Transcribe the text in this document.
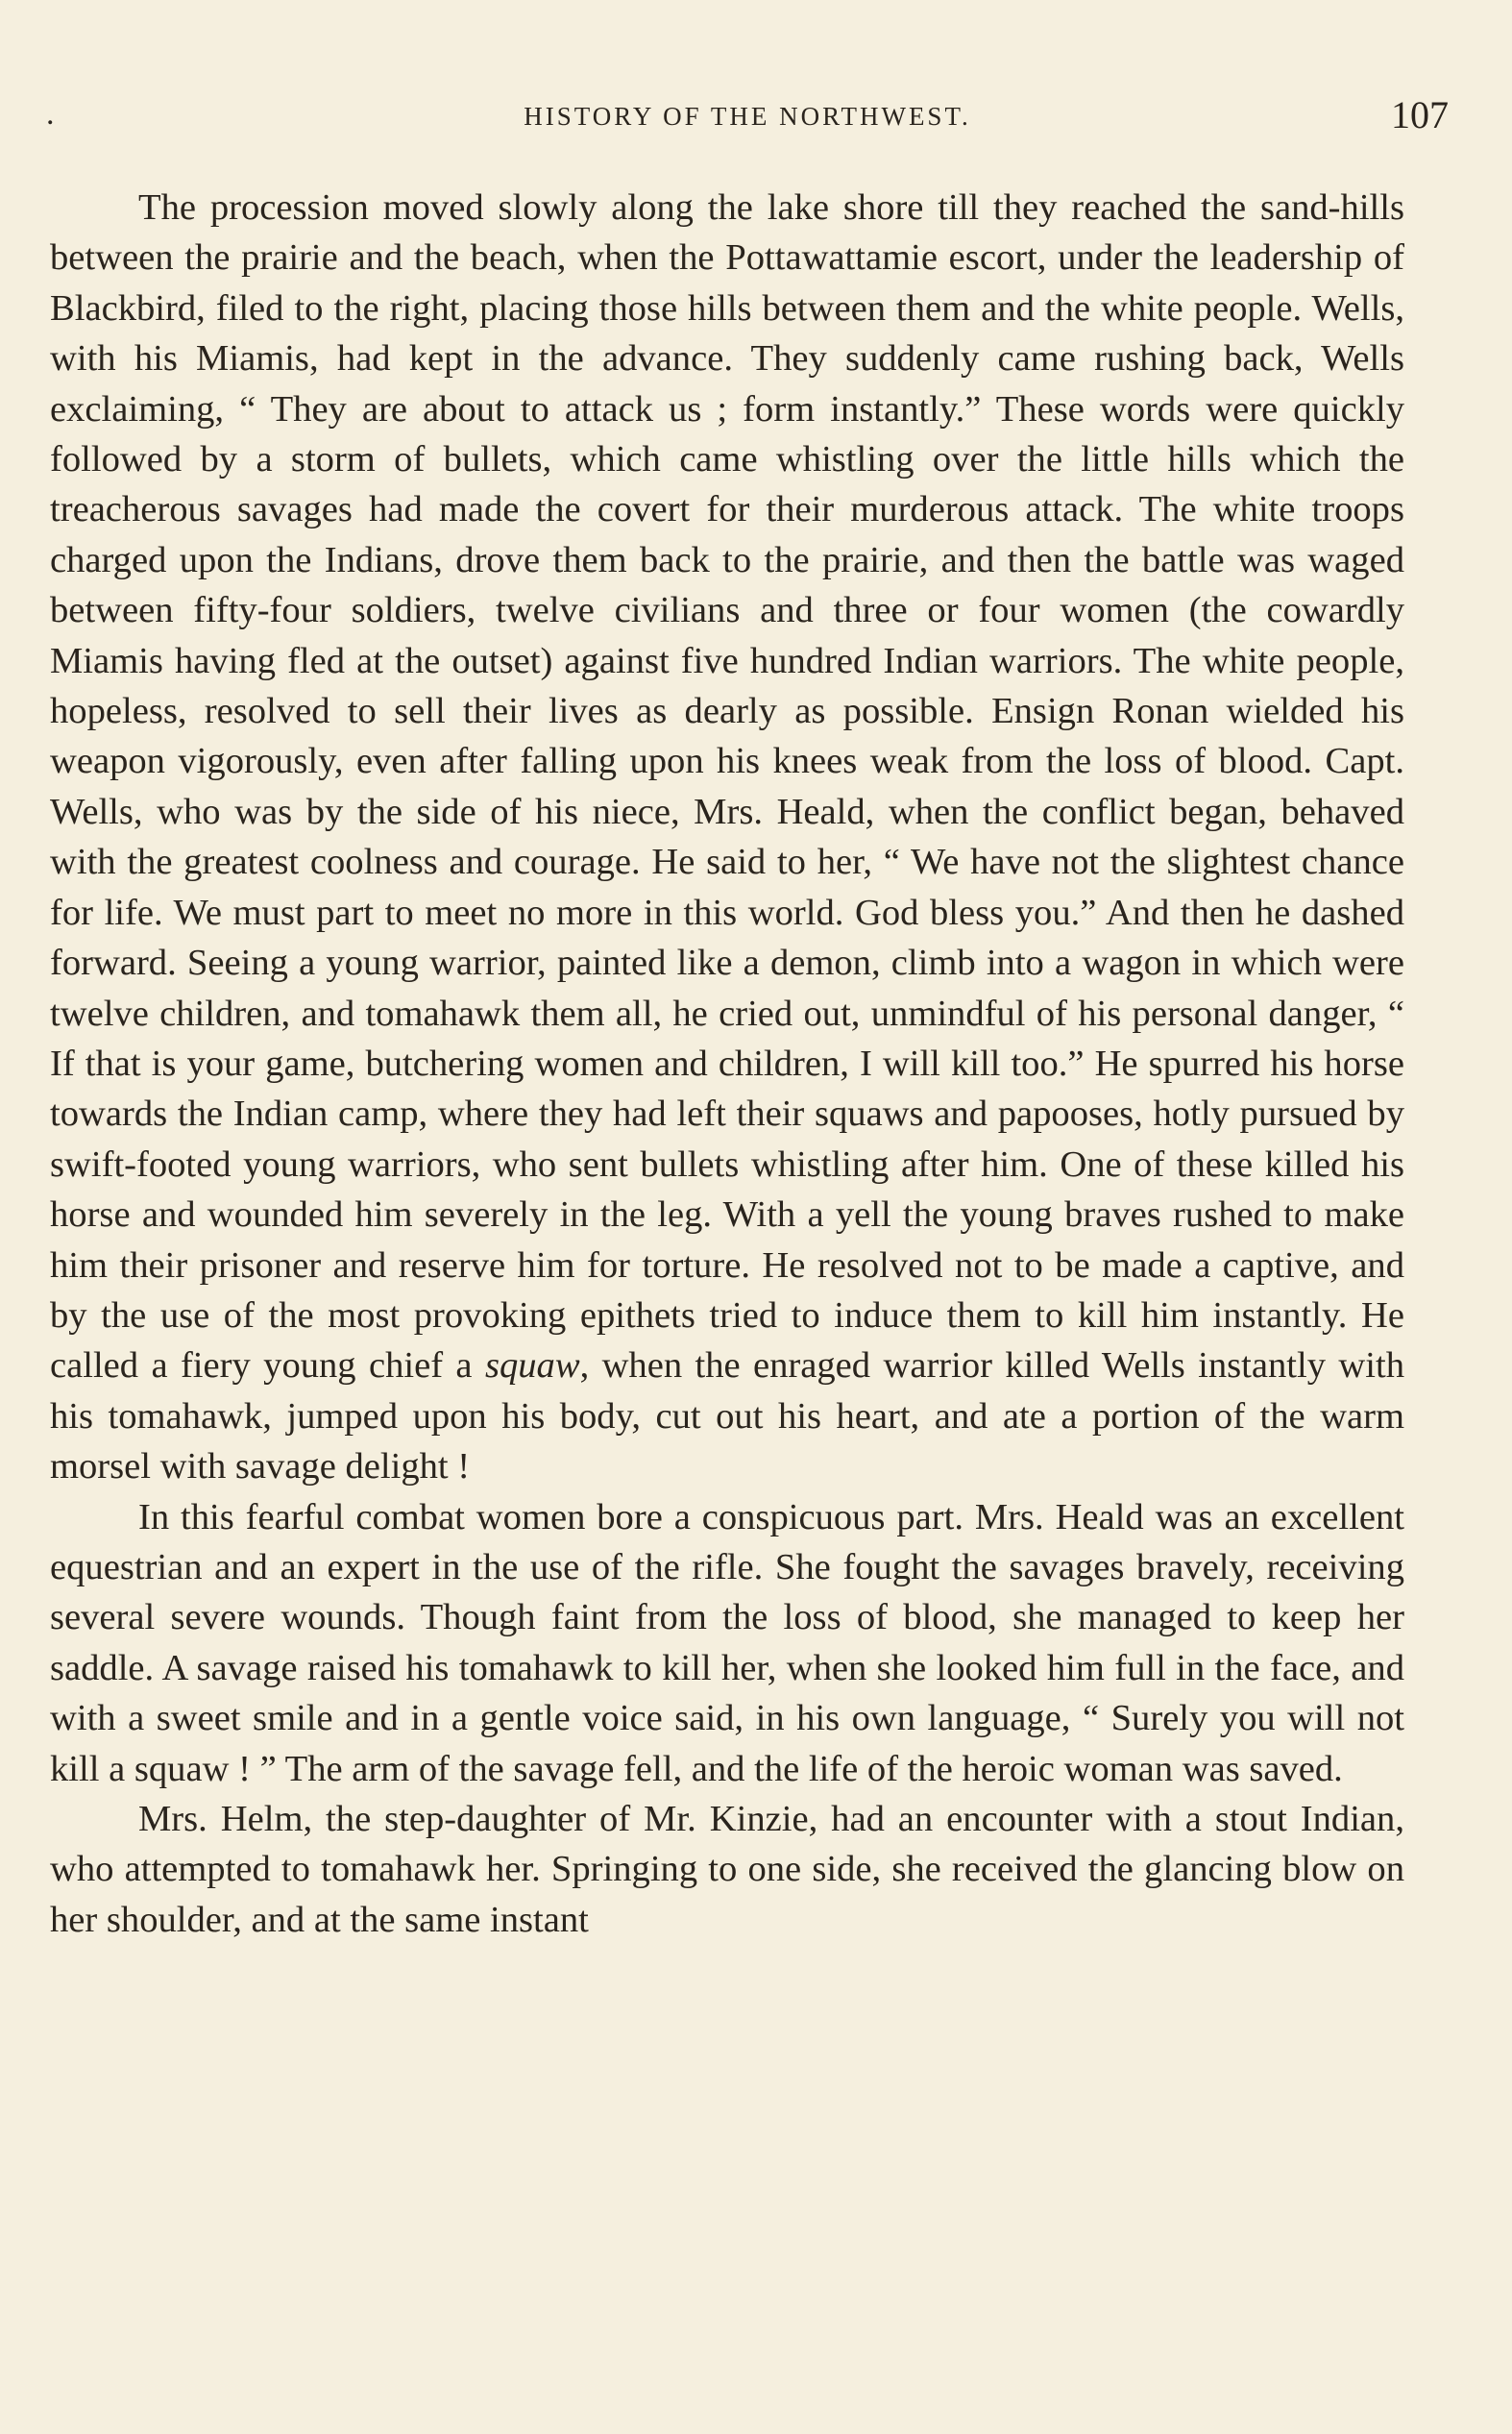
.	HISTORY OF THE NORTHWEST.	107

The procession moved slowly along the lake shore till they reached the sand-hills between the prairie and the beach, when the Pottawattamie escort, under the leadership of Blackbird, filed to the right, placing those hills between them and the white people. Wells, with his Miamis, had kept in the advance. They suddenly came rushing back, Wells exclaiming, “ They are about to attack us ; form instantly.” These words were quickly followed by a storm of bullets, which came whistling over the little hills which the treacherous savages had made the covert for their murderous attack. The white troops charged upon the Indians, drove them back to the prairie, and then the battle was waged between fifty-four soldiers, twelve civilians and three or four women (the cowardly Miamis having fled at the outset) against five hundred Indian warriors. The white people, hopeless, resolved to sell their lives as dearly as possible. Ensign Ronan wielded his weapon vigorously, even after falling upon his knees weak from the loss of blood. Capt. Wells, who was by the side of his niece, Mrs. Heald, when the conflict began, behaved with the greatest coolness and courage. He said to her, “ We have not the slightest chance for life. We must part to meet no more in this world. God bless you.” And then he dashed forward. Seeing a young warrior, painted like a demon, climb into a wagon in which were twelve children, and tomahawk them all, he cried out, unmindful of his personal danger, “ If that is your game, butchering women and children, I will kill too.” He spurred his horse towards the Indian camp, where they had left their squaws and papooses, hotly pursued by swift-footed young warriors, who sent bullets whistling after him. One of these killed his horse and wounded him severely in the leg. With a yell the young braves rushed to make him their prisoner and reserve him for torture. He resolved not to be made a captive, and by the use of the most provoking epithets tried to induce them to kill him instantly. He called a fiery young chief a squaw, when the enraged warrior killed Wells instantly with his tomahawk, jumped upon his body, cut out his heart, and ate a portion of the warm morsel with savage delight !

In this fearful combat women bore a conspicuous part. Mrs. Heald was an excellent equestrian and an expert in the use of the rifle. She fought the savages bravely, receiving several severe wounds. Though faint from the loss of blood, she managed to keep her saddle. A savage raised his tomahawk to kill her, when she looked him full in the face, and with a sweet smile and in a gentle voice said, in his own language, “ Surely you will not kill a squaw ! ” The arm of the savage fell, and the life of the heroic woman was saved.

Mrs. Helm, the step-daughter of Mr. Kinzie, had an encounter with a stout Indian, who attempted to tomahawk her. Springing to one side, she received the glancing blow on her shoulder, and at the same instant
